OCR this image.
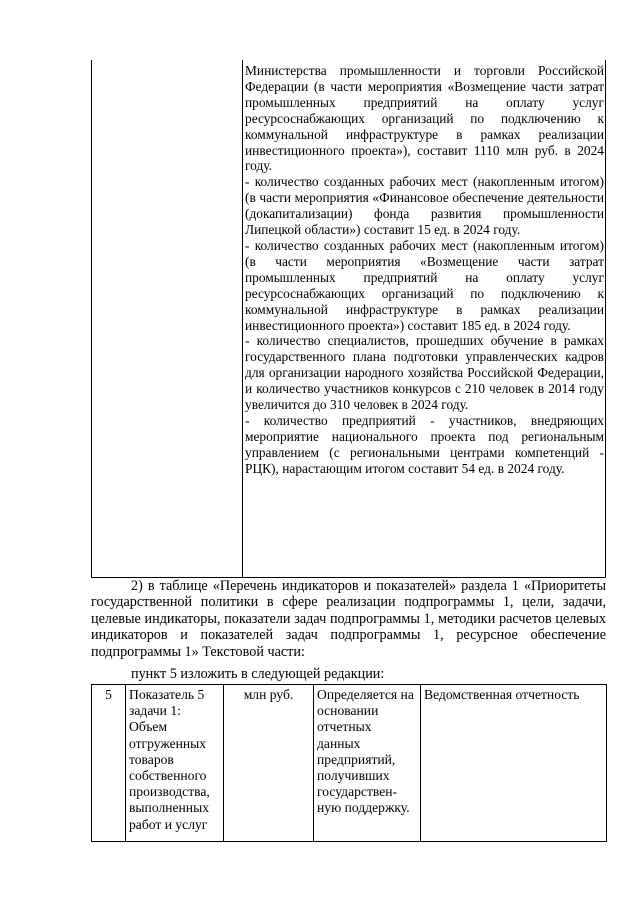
Министерства промышленности и торговли Российской Федерации (в части мероприятия «Возмещение части затрат промышленных предприятий на оплату услуг ресурсоснабжающих организаций по подключению к коммунальной инфраструктуре в рамках реализации инвестиционного проекта»), составит 1110 млн руб. в 2024 году.

- количество созданных рабочих мест (накопленным итогом) (в части мероприятия «Финансовое обеспечение деятельности (докапитализации) фонда развития промышленности Липецкой области») составит 15 ед. в 2024 году.

- количество созданных рабочих мест (накопленным итогом) (в части мероприятия «Возмещение части затрат промышленных предприятий на оплату услуг ресурсоснабжающих организаций по подключению к коммунальной инфраструктуре в рамках реализации инвестиционного проекта») составит 185 ед. в 2024 году.

- количество специалистов, прошедших обучение в рамках государственного плана подготовки управленческих кадров для организации народного хозяйства Российской Федерации, и количество участников конкурсов с 210 человек в 2014 году увеличится до 310 человек в 2024 году.

- количество предприятий - участников, внедряющих мероприятие национального проекта под региональным управлением (с региональными центрами компетенций - РЦК), нарастающим итогом составит 54 ед. в 2024 году.

2) в таблице «Перечень индикаторов и показателей» раздела 1 «Приоритеты государственной политики в сфере реализации подпрограммы 1, цели, задачи, целевые индикаторы, показатели задач подпрограммы 1, методики расчетов целевых индикаторов и показателей задач подпрограммы 1, ресурсное обеспечение подпрограммы 1» Текстовой части:

пункт 5 изложить в следующей редакции:

5	Показатель 5 задачи 1: Объем отгруженных товаров собственного производства, выполненных работ и услуг	млн руб.	Определяется на основании отчетных данных предприятий, получивших государствен-ную поддержку.	Ведомственная отчетность
